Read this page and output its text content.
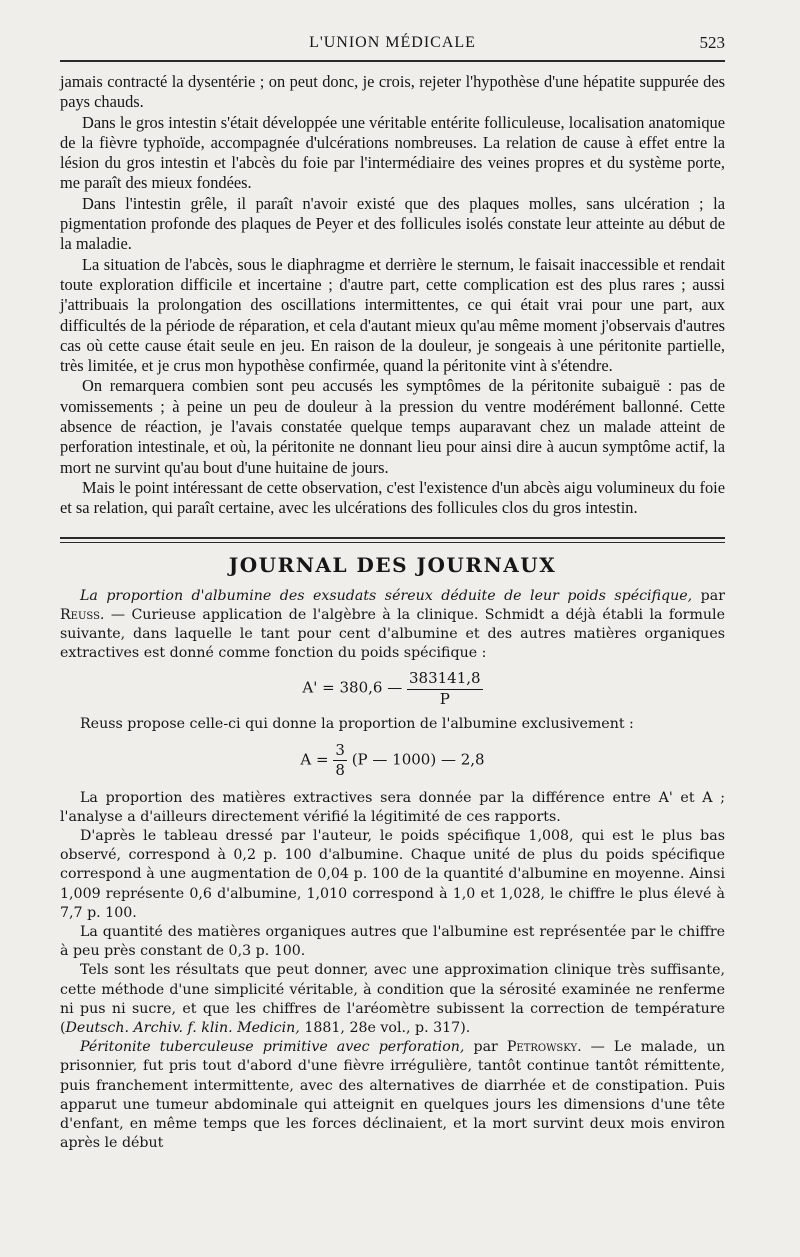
L'UNION MÉDICALE	523

jamais contracté la dysentérie ; on peut donc, je crois, rejeter l'hypothèse d'une hépatite suppurée des pays chauds.

Dans le gros intestin s'était développée une véritable entérite folliculeuse, localisation anatomique de la fièvre typhoïde, accompagnée d'ulcérations nombreuses. La relation de cause à effet entre la lésion du gros intestin et l'abcès du foie par l'intermédiaire des veines propres et du système porte, me paraît des mieux fondées.

Dans l'intestin grêle, il paraît n'avoir existé que des plaques molles, sans ulcération ; la pigmentation profonde des plaques de Peyer et des follicules isolés constate leur atteinte au début de la maladie.

La situation de l'abcès, sous le diaphragme et derrière le sternum, le faisait inaccessible et rendait toute exploration difficile et incertaine ; d'autre part, cette complication est des plus rares ; aussi j'attribuais la prolongation des oscillations intermittentes, ce qui était vrai pour une part, aux difficultés de la période de réparation, et cela d'autant mieux qu'au même moment j'observais d'autres cas où cette cause était seule en jeu. En raison de la douleur, je songeais à une péritonite partielle, très limitée, et je crus mon hypothèse confirmée, quand la péritonite vint à s'étendre.

On remarquera combien sont peu accusés les symptômes de la péritonite subaiguë : pas de vomissements ; à peine un peu de douleur à la pression du ventre modérément ballonné. Cette absence de réaction, je l'avais constatée quelque temps auparavant chez un malade atteint de perforation intestinale, et où, la péritonite ne donnant lieu pour ainsi dire à aucun symptôme actif, la mort ne survint qu'au bout d'une huitaine de jours.

Mais le point intéressant de cette observation, c'est l'existence d'un abcès aigu volumineux du foie et sa relation, qui paraît certaine, avec les ulcérations des follicules clos du gros intestin.

JOURNAL DES JOURNAUX

La proportion d'albumine des exsudats séreux déduite de leur poids spécifique, par Reuss. — Curieuse application de l'algèbre à la clinique. Schmidt a déjà établi la formule suivante, dans laquelle le tant pour cent d'albumine et des autres matières organiques extractives est donné comme fonction du poids spécifique :

A' = 380,6 — $\frac{383141,8}{P}$

Reuss propose celle-ci qui donne la proportion de l'albumine exclusivement :

$A = \frac{3}{8} (P$ — 1000) — 2,8

La proportion des matières extractives sera donnée par la différence entre A' et A ; l'analyse a d'ailleurs directement vérifié la légitimité de ces rapports.

D'après le tableau dressé par l'auteur, le poids spécifique 1,008, qui est le plus bas observé, correspond à 0,2 p. 100 d'albumine. Chaque unité de plus du poids spécifique correspond à une augmentation de 0,04 p. 100 de la quantité d'albumine en moyenne. Ainsi 1,009 représente 0,6 d'albumine, 1,010 correspond à 1,0 et 1,028, le chiffre le plus élevé à 7,7 p. 100.

La quantité des matières organiques autres que l'albumine est représentée par le chiffre à peu près constant de 0,3 p. 100.

Tels sont les résultats que peut donner, avec une approximation clinique très suffisante, cette méthode d'une simplicité véritable, à condition que la sérosité examinée ne renferme ni pus ni sucre, et que les chiffres de l'aréomètre subissent la correction de température (Deutsch. Archiv. f. klin. Medicin, 1881, 28e vol., p. 317).

Péritonite tuberculeuse primitive avec perforation, par Petrowsky. — Le malade, un prisonnier, fut pris tout d'abord d'une fièvre irrégulière, tantôt continue tantôt rémittente, puis franchement intermittente, avec des alternatives de diarrhée et de constipation. Puis apparut une tumeur abdominale qui atteignit en quelques jours les dimensions d'une tête d'enfant, en même temps que les forces déclinaient, et la mort survint deux mois environ après le début
